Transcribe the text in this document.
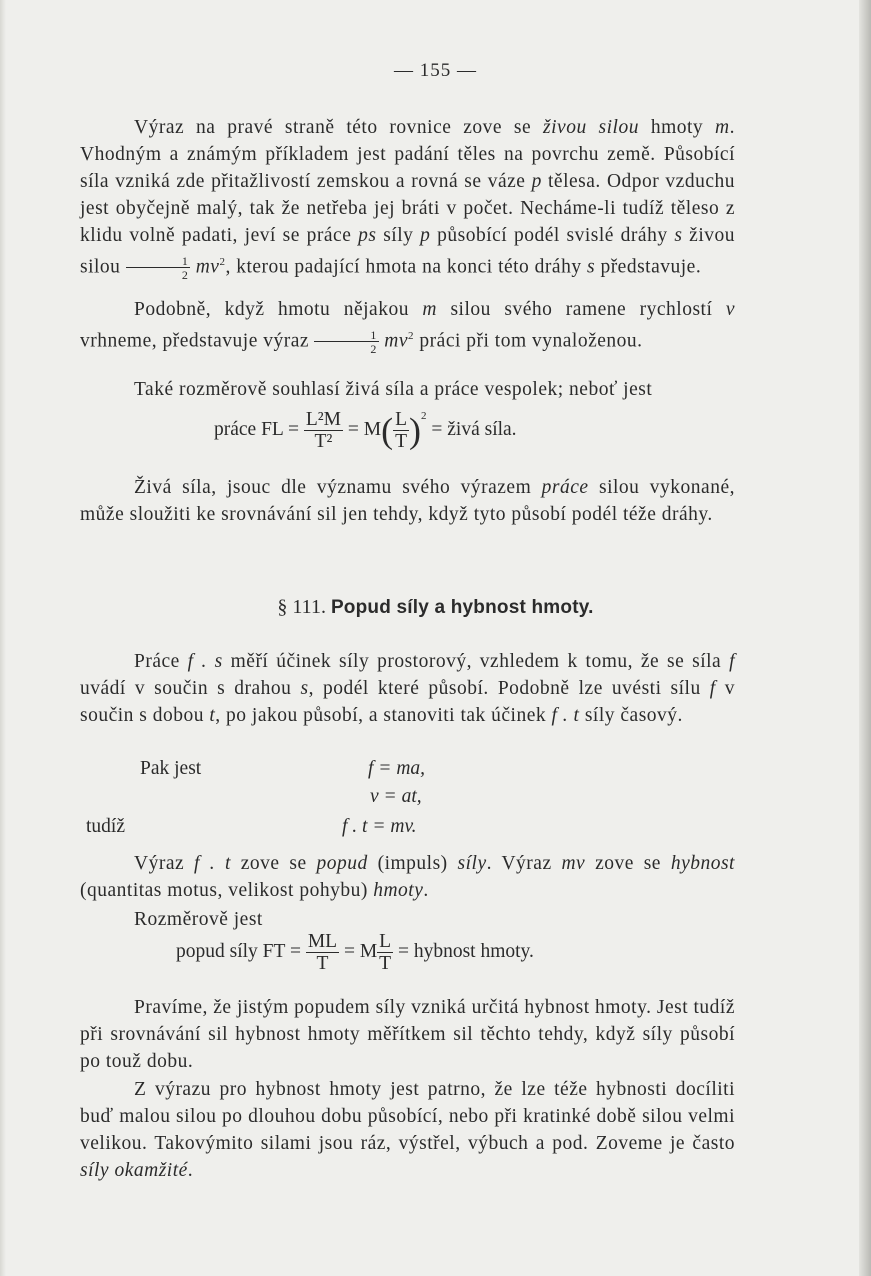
— 155 —

Výraz na pravé straně této rovnice zove se živou silou hmoty m. Vhodným a známým příkladem jest padání těles na povrchu země. Působící síla vzniká zde přitažlivostí zemskou a rovná se váze p tělesa. Odpor vzduchu jest obyčejně malý, tak že netřeba jej bráti v počet. Necháme-li tudíž těleso z klidu volně padati, jeví se práce ps síly p působící podél svislé dráhy s živou silou $\frac{1}{2} mv^2$, kterou padající hmota na konci této dráhy s představuje.

Podobně, když hmotu nějakou m silou svého ramene rychlostí v vrhneme, představuje výraz $\frac{1}{2} mv^2$ práci při tom vynaloženou.

Také rozměrově souhlasí živá síla a práce vespolek; neboť jest

práce FL = $\frac{\text{L²M}}{\text{T²}} = M( \frac{L}{T} )^2$ = živá síla.

Živá síla, jsouc dle významu svého výrazem práce silou vykonané, může sloužiti ke srovnávání sil jen tehdy, když tyto působí podél téže dráhy.

§ 111. Popud síly a hybnost hmoty.

Práce f . s měří účinek síly prostorový, vzhledem k tomu, že se síla f uvádí v součin s drahou s, podél které působí. Podobně lze uvésti sílu f v součin s dobou t, po jakou působí, a stanoviti tak účinek f . t síly časový.

Pak jest	f = ma,
v = at,
tudíž	f . t = mv.

Výraz f . t zove se popud (impuls) síly. Výraz mv zove se hybnost (quantitas motus, velikost pohybu) hmoty.

Rozměrově jest

popud síly FT = $\frac{ML}{T} = M \frac{L}{T}$ = hybnost hmoty.

Pravíme, že jistým popudem síly vzniká určitá hybnost hmoty. Jest tudíž při srovnávání sil hybnost hmoty měřítkem sil těchto tehdy, když síly působí po touž dobu.

Z výrazu pro hybnost hmoty jest patrno, že lze téže hybnosti docíliti buď malou silou po dlouhou dobu působící, nebo při kratinké době silou velmi velikou. Takovýmito silami jsou ráz, výstřel, výbuch a pod. Zoveme je často síly okamžité.
